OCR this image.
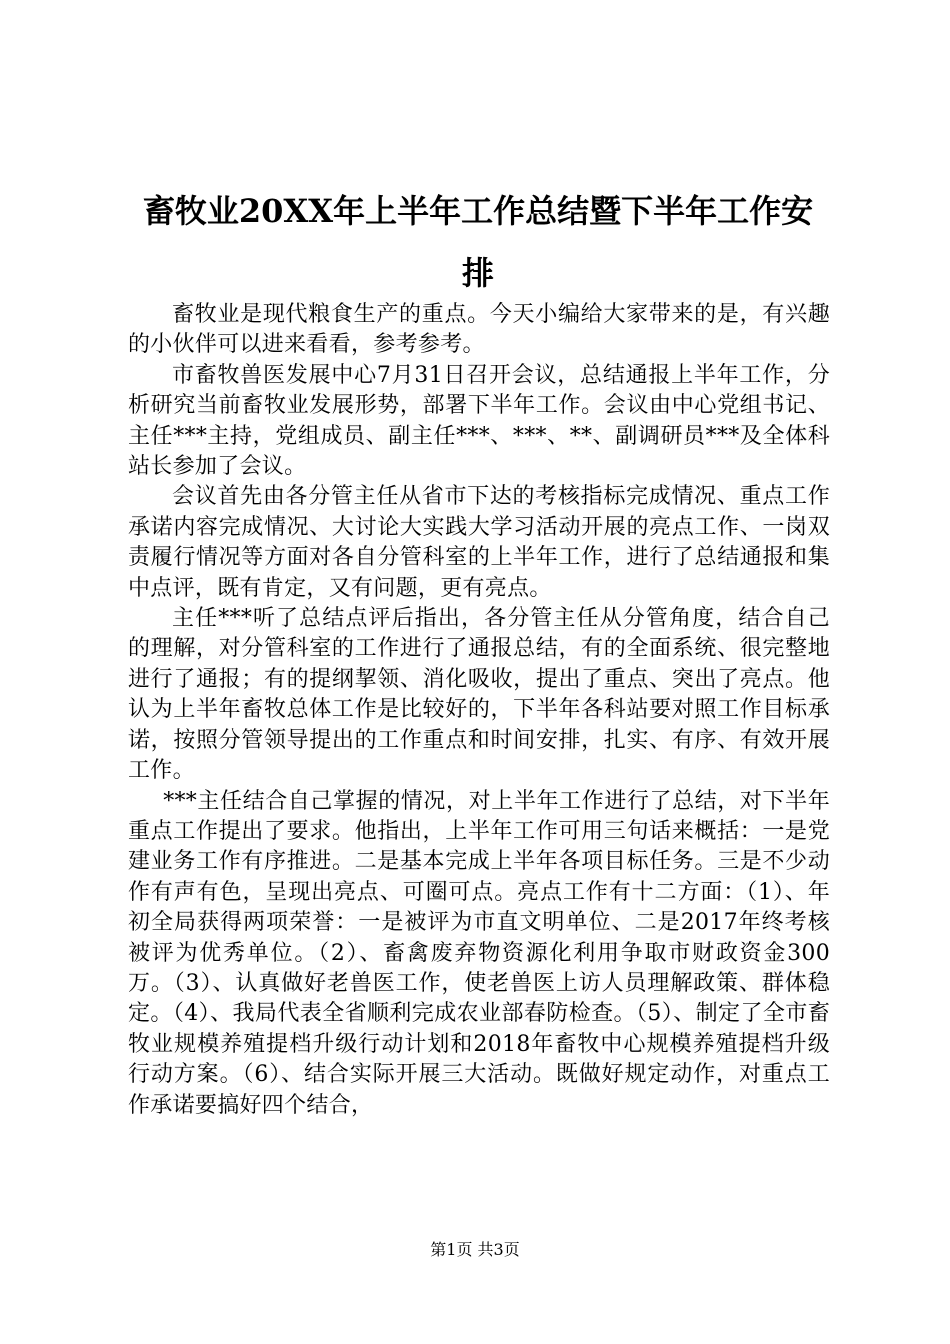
畜牧业20XX年上半年工作总结暨下半年工作安排

畜牧业是现代粮食生产的重点。今天小编给大家带来的是，有兴趣的小伙伴可以进来看看，参考参考。

市畜牧兽医发展中心7月31日召开会议，总结通报上半年工作，分析研究当前畜牧业发展形势，部署下半年工作。会议由中心党组书记、主任***主持，党组成员、副主任***、***、**、副调研员***及全体科站长参加了会议。

会议首先由各分管主任从省市下达的考核指标完成情况、重点工作承诺内容完成情况、大讨论大实践大学习活动开展的亮点工作、一岗双责履行情况等方面对各自分管科室的上半年工作，进行了总结通报和集中点评，既有肯定，又有问题，更有亮点。

主任***听了总结点评后指出，各分管主任从分管角度，结合自己的理解，对分管科室的工作进行了通报总结，有的全面系统、很完整地进行了通报；有的提纲挈领、消化吸收，提出了重点、突出了亮点。他认为上半年畜牧总体工作是比较好的，下半年各科站要对照工作目标承诺，按照分管领导提出的工作重点和时间安排，扎实、有序、有效开展工作。

***主任结合自己掌握的情况，对上半年工作进行了总结，对下半年重点工作提出了要求。他指出，上半年工作可用三句话来概括：一是党建业务工作有序推进。二是基本完成上半年各项目标任务。三是不少动作有声有色，呈现出亮点、可圈可点。亮点工作有十二方面：（1）、年初全局获得两项荣誉：一是被评为市直文明单位、二是2017年终考核被评为优秀单位。（2）、畜禽废弃物资源化利用争取市财政资金300万。（3）、认真做好老兽医工作，使老兽医上访人员理解政策、群体稳定。（4）、我局代表全省顺利完成农业部春防检查。（5）、制定了全市畜牧业规模养殖提档升级行动计划和2018年畜牧中心规模养殖提档升级行动方案。（6）、结合实际开展三大活动。既做好规定动作，对重点工作承诺要搞好四个结合，

第1页 共3页
